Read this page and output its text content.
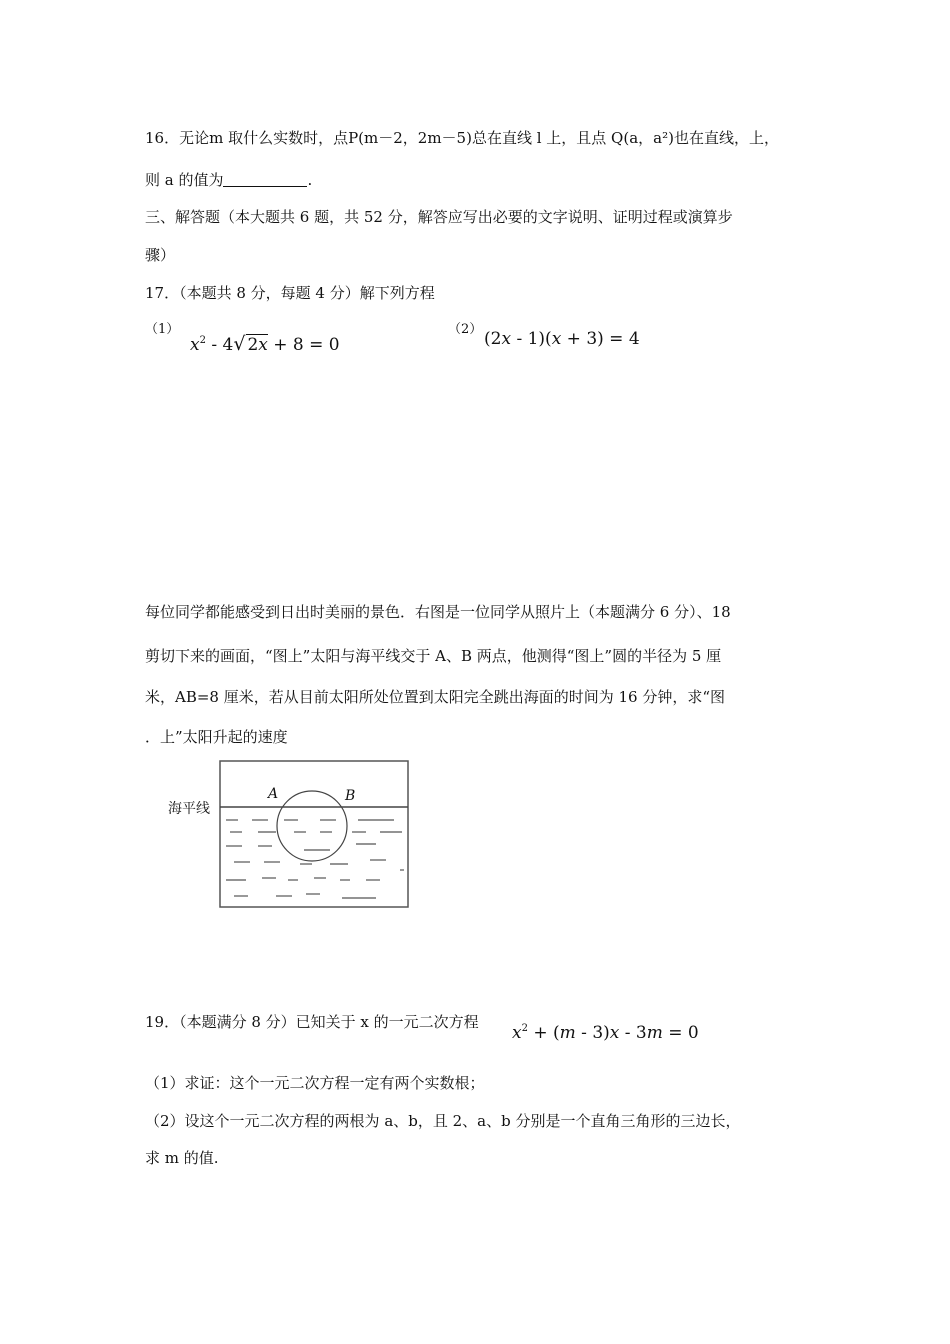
16．无论m 取什么实数时，点P(m－2，2m－5)总在直线 l 上，且点 Q(a，a²)也在直线，上，
则 a 的值为	.
三、解答题（本大题共 6 题，共 52 分，解答应写出必要的文字说明、证明过程或演算步
骤）
17．（本题共 8 分，每题 4 分）解下列方程
（1）
$x^2 - 4√$ 2x + 8 = 0
（2） (2x - 1)(x + 3) = 4
每位同学都能感受到日出时美丽的景色．右图是一位同学从照片上（本题满分 6 分）、18
剪切下来的画面，“图上”太阳与海平线交于 A、B 两点，他测得“图上”圆的半径为 5 厘
米，AB=8 厘米，若从目前太阳所处位置到太阳完全跳出海面的时间为 16 分钟，求“图
．上”太阳升起的速度
海平线
A	B
19．（本题满分 8 分）已知关于 x 的一元二次方程
$x^2 + (m - 3)x - 3m = 0$
（1）求证：这个一元二次方程一定有两个实数根；
（2）设这个一元二次方程的两根为 a、b，且 2、a、b 分别是一个直角三角形的三边长，
求 m 的值.
